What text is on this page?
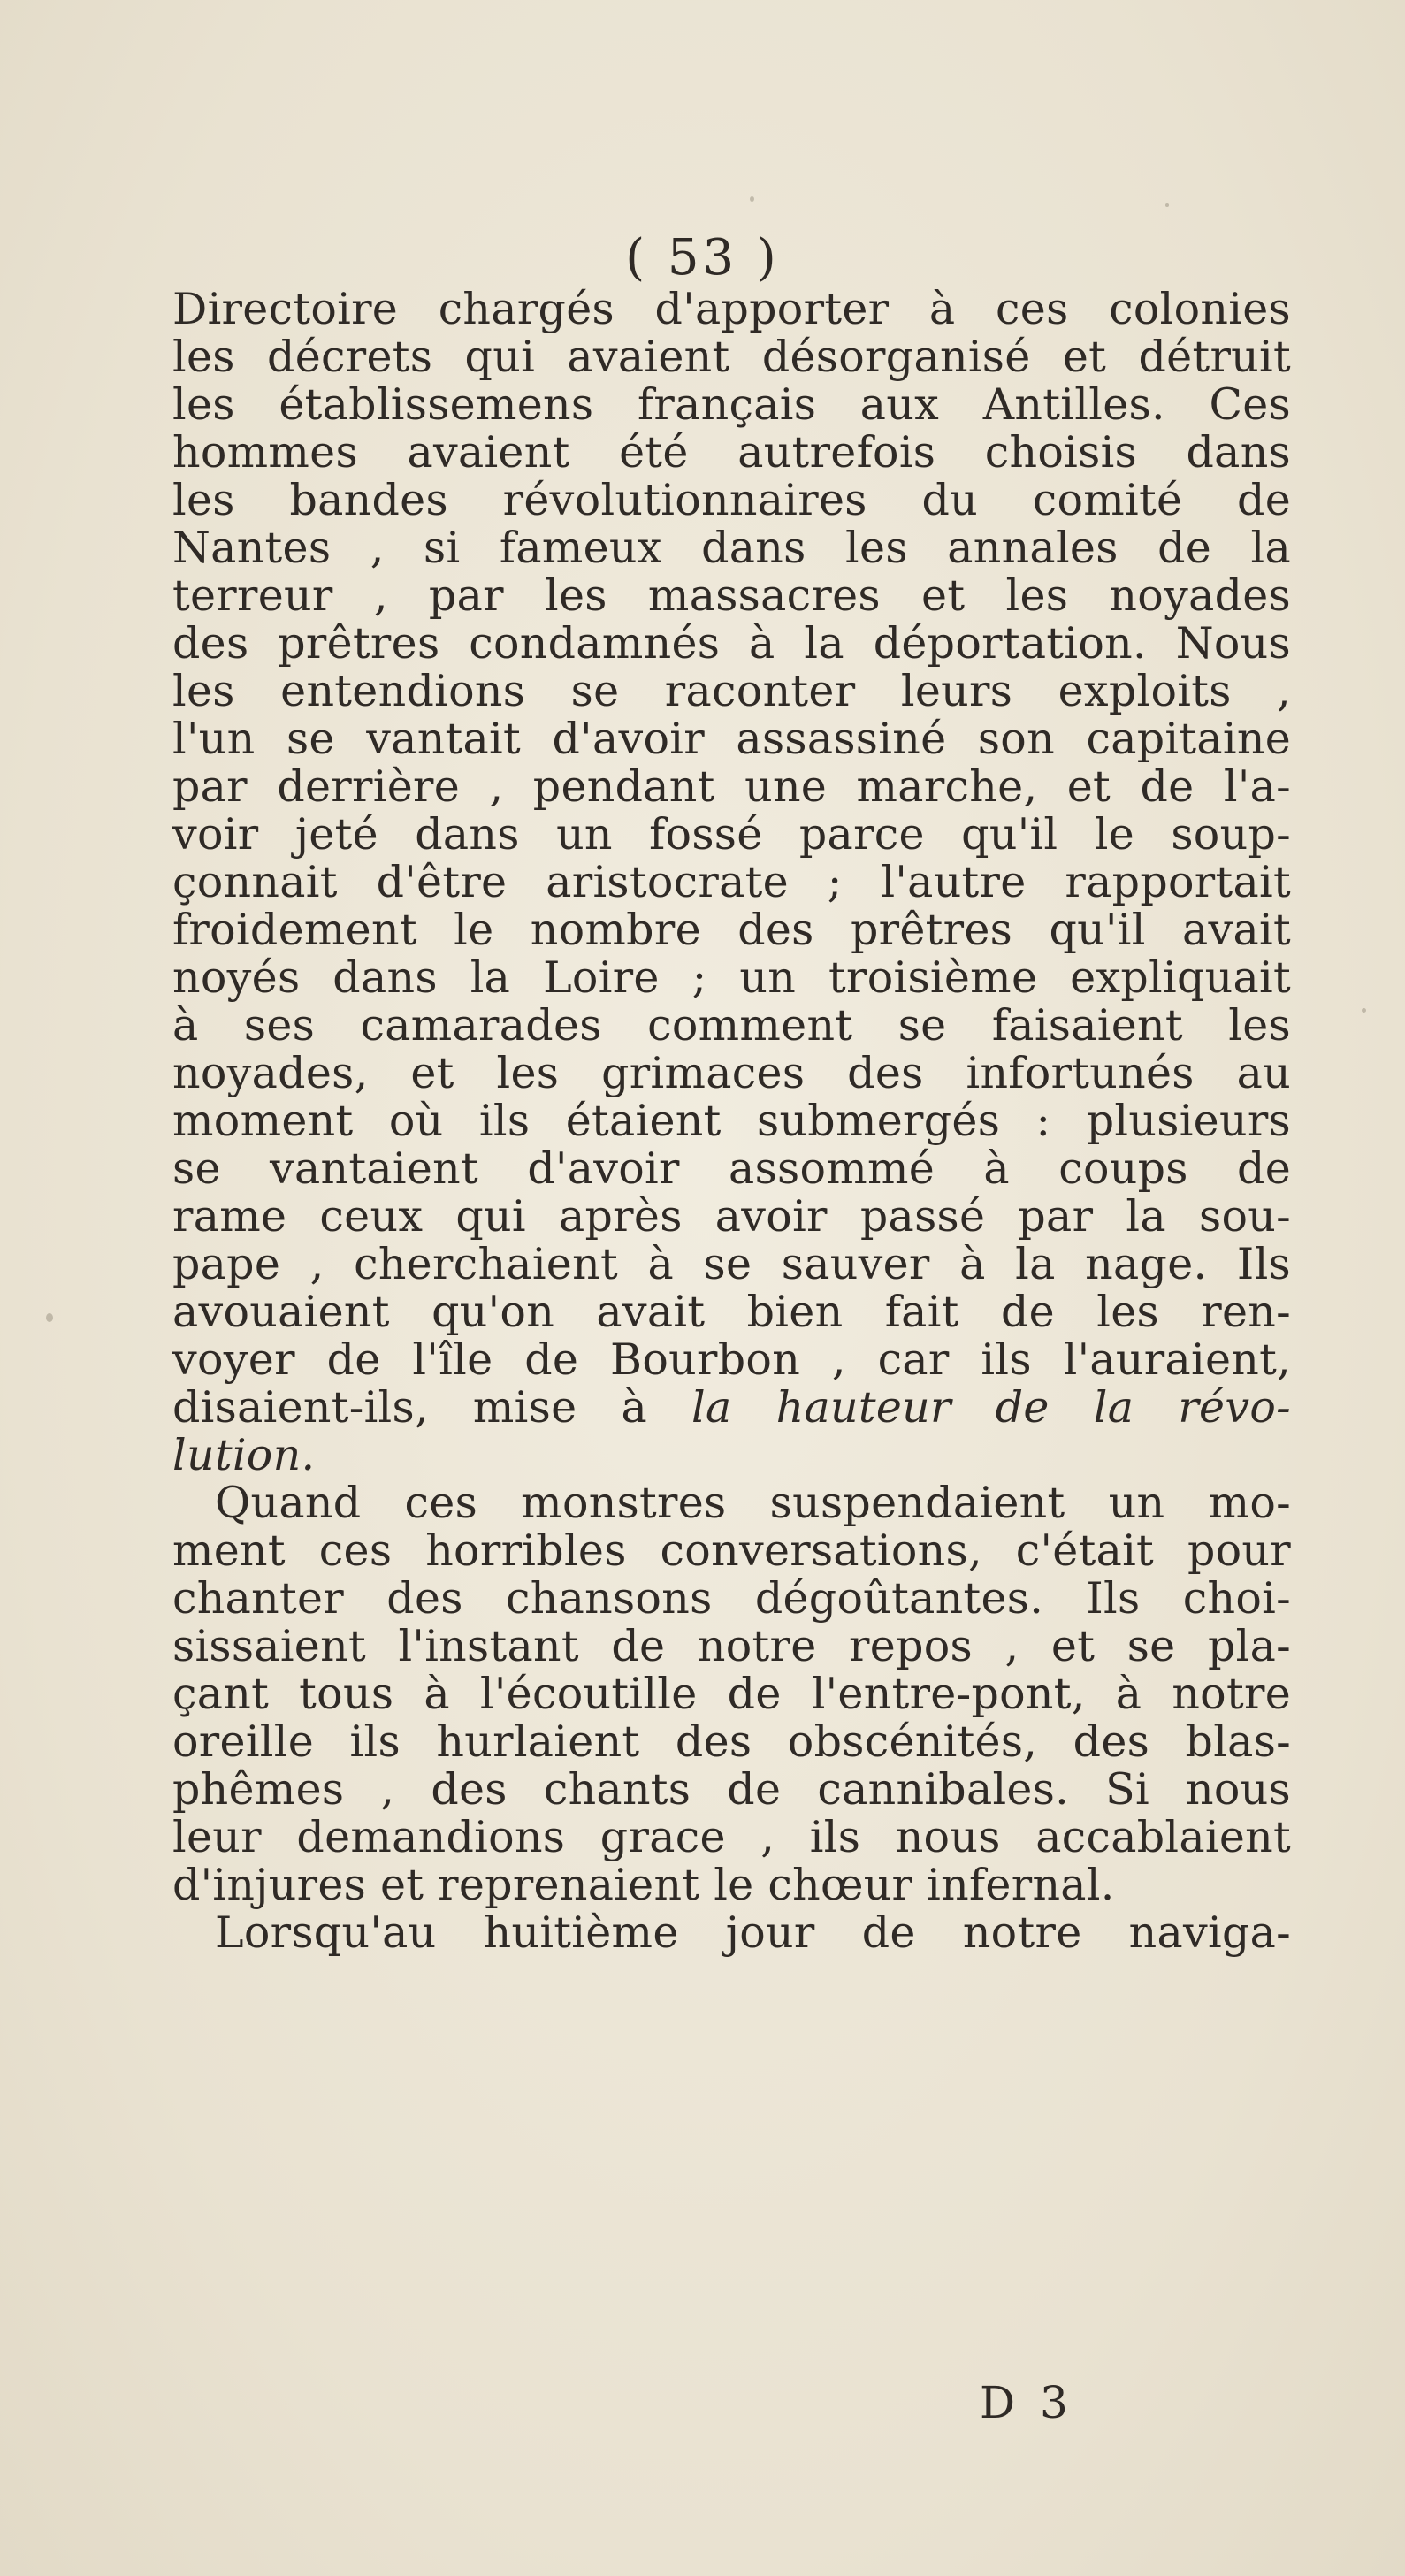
( 53 )
Directoire chargés d'apporter à ces colonies
les décrets qui avaient désorganisé et détruit
les établissemens français aux Antilles. Ces
hommes avaient été autrefois choisis dans
les bandes révolutionnaires du comité de
Nantes , si fameux dans les annales de la
terreur , par les massacres et les noyades
des prêtres condamnés à la déportation. Nous
les entendions se raconter leurs exploits ,
l'un se vantait d'avoir assassiné son capitaine
par derrière , pendant une marche, et de l'a-
voir jeté dans un fossé parce qu'il le soup-
çonnait d'être aristocrate ; l'autre rapportait
froidement le nombre des prêtres qu'il avait
noyés dans la Loire ; un troisième expliquait
à ses camarades comment se faisaient les
noyades, et les grimaces des infortunés au
moment où ils étaient submergés : plusieurs
se vantaient d'avoir assommé à coups de
rame ceux qui après avoir passé par la sou-
pape , cherchaient à se sauver à la nage. Ils
avouaient qu'on avait bien fait de les ren-
voyer de l'île de Bourbon , car ils l'auraient,
disaient-ils, mise à la hauteur de la révo-
lution.
Quand ces monstres suspendaient un mo-
ment ces horribles conversations, c'était pour
chanter des chansons dégoûtantes. Ils choi-
sissaient l'instant de notre repos , et se pla-
çant tous à l'écoutille de l'entre-pont, à notre
oreille ils hurlaient des obscénités, des blas-
phêmes , des chants de cannibales. Si nous
leur demandions grace , ils nous accablaient
d'injures et reprenaient le chœur infernal.
Lorsqu'au huitième jour de notre naviga-
D 3
